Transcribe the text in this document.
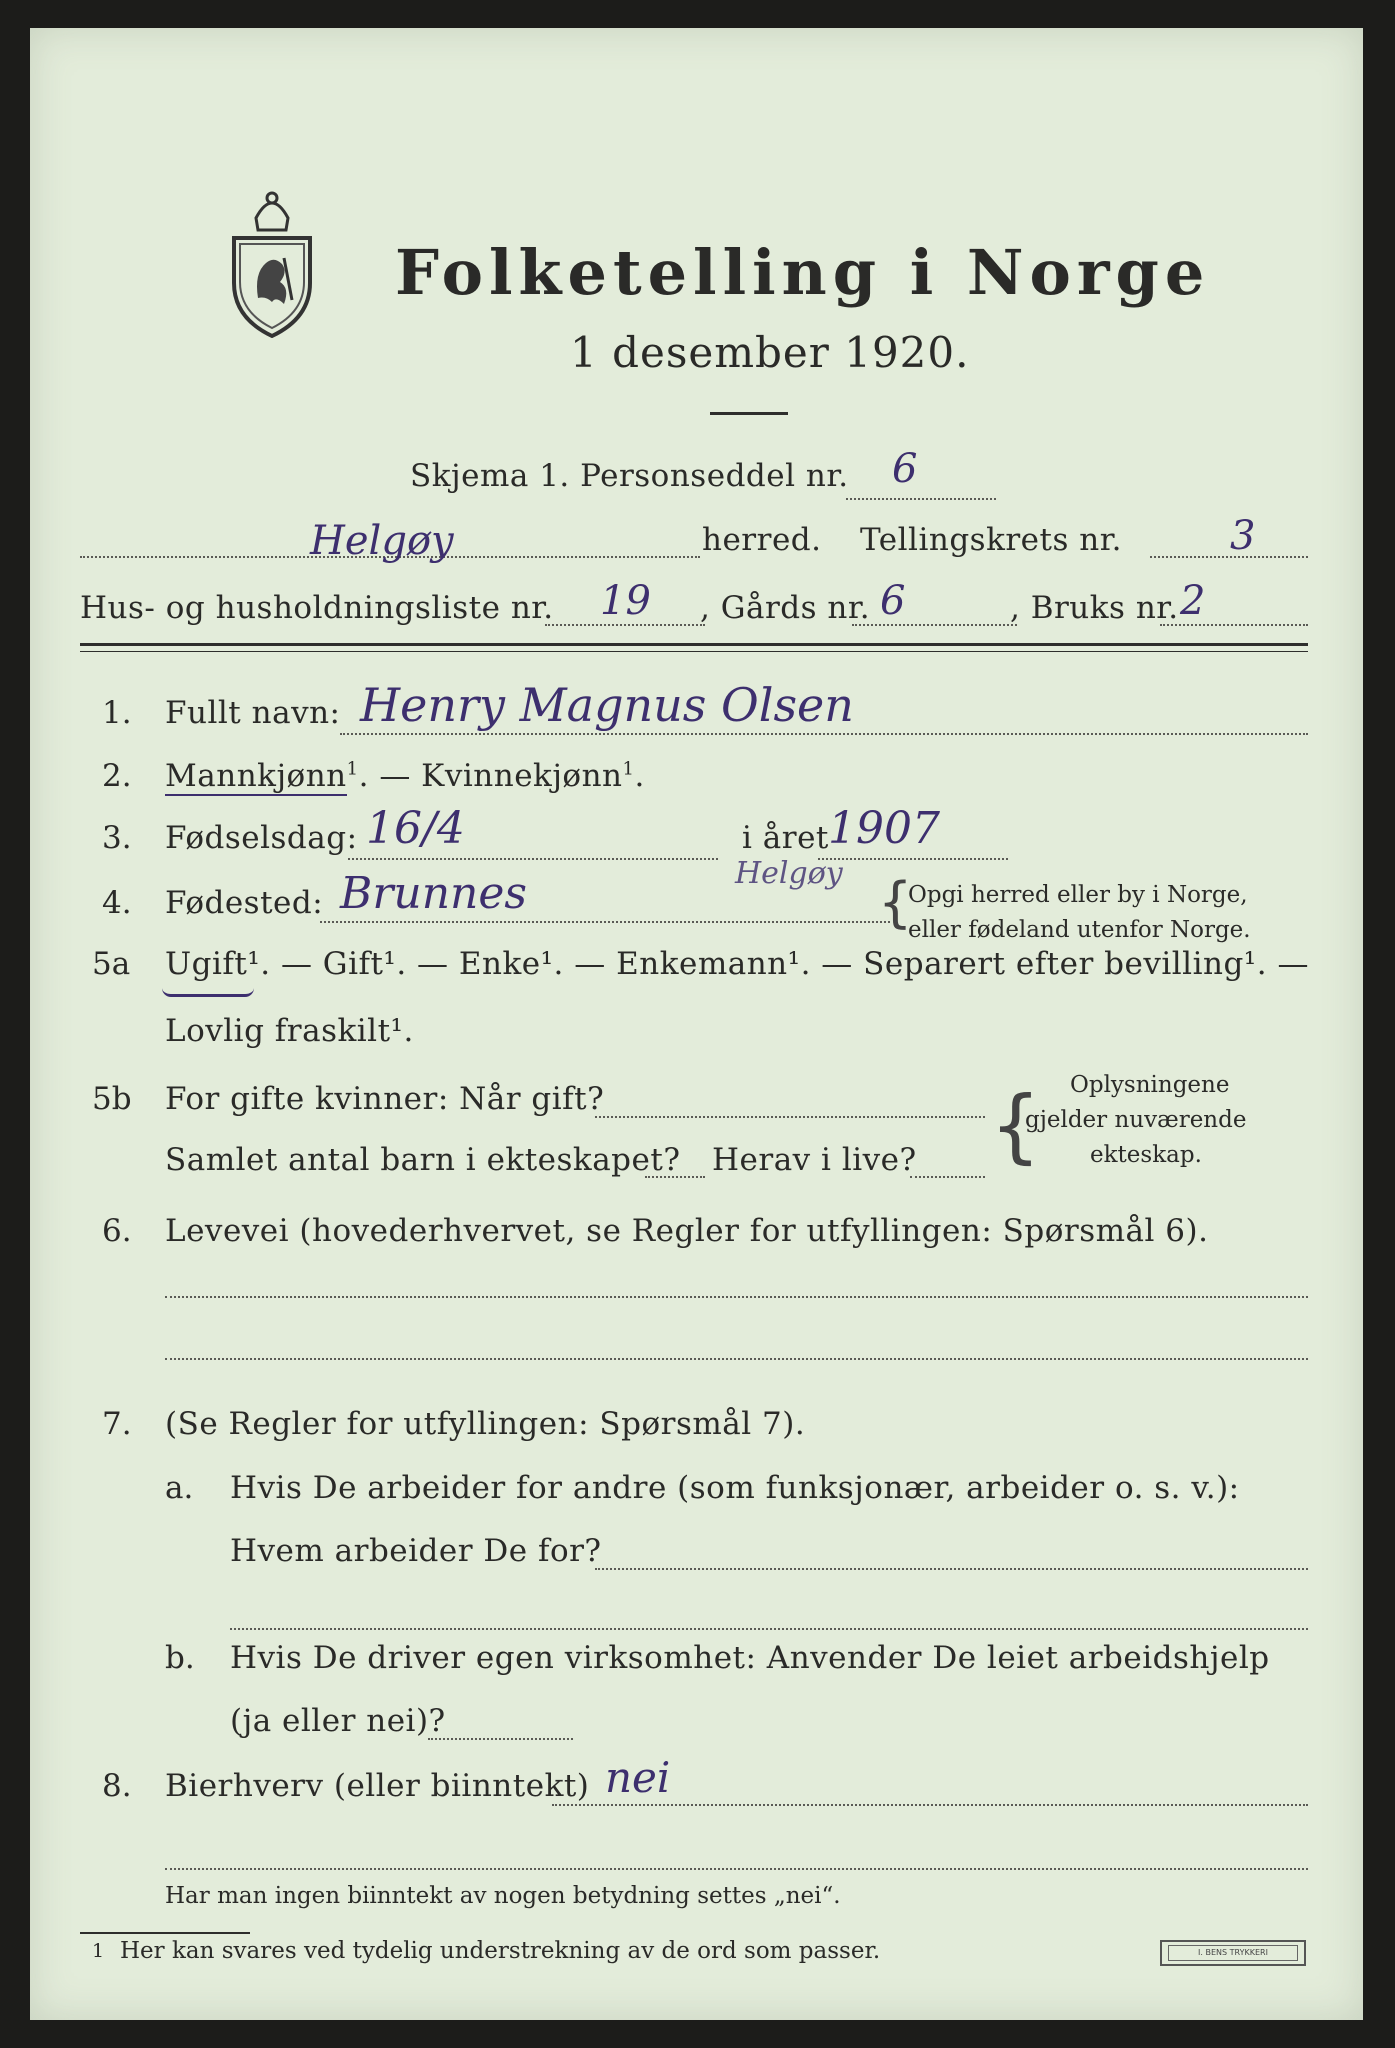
Folketelling i Norge
1 desember 1920.
Skjema 1. Personseddel nr. 6
Helgøy	herred. Tellingskrets nr.	3
Hus- og husholdningsliste nr. 19 , Gårds nr. 6	, Bruks nr. 2
1. Fullt navn: Henry Magnus Olsen
2. Mannkjønn$^1$. — Kvinnekjønn$^1$.
3. Fødselsdag: 16/4	i året 1907
4. Fødested: Brunnes	Helgøy {
Opgi herred eller by i Norge,
eller fødeland utenfor Norge.
5a Ugift¹. — Gift¹. — Enke¹. — Enkemann¹. — Separert efter bevilling¹. —
Lovlig fraskilt¹.
5b For gifte kvinner: Når gift?
Samlet antal barn i ekteskapet? Herav i live? { Oplysningene
gjelder nuværende
ekteskap.
6. Levevei (hovederhvervet, se Regler for utfyllingen: Spørsmål 6).
7. (Se Regler for utfyllingen: Spørsmål 7).
a. Hvis De arbeider for andre (som funksjonær, arbeider o. s. v.):
Hvem arbeider De for?
b. Hvis De driver egen virksomhet: Anvender De leiet arbeidshjelp
(ja eller nei)?
8. Bierhverv (eller biinntekt) nei
Har man ingen biinntekt av nogen betydning settes „nei“.
1 Her kan svares ved tydelig understrekning av de ord som passer.	I. BENS TRYKKERI
